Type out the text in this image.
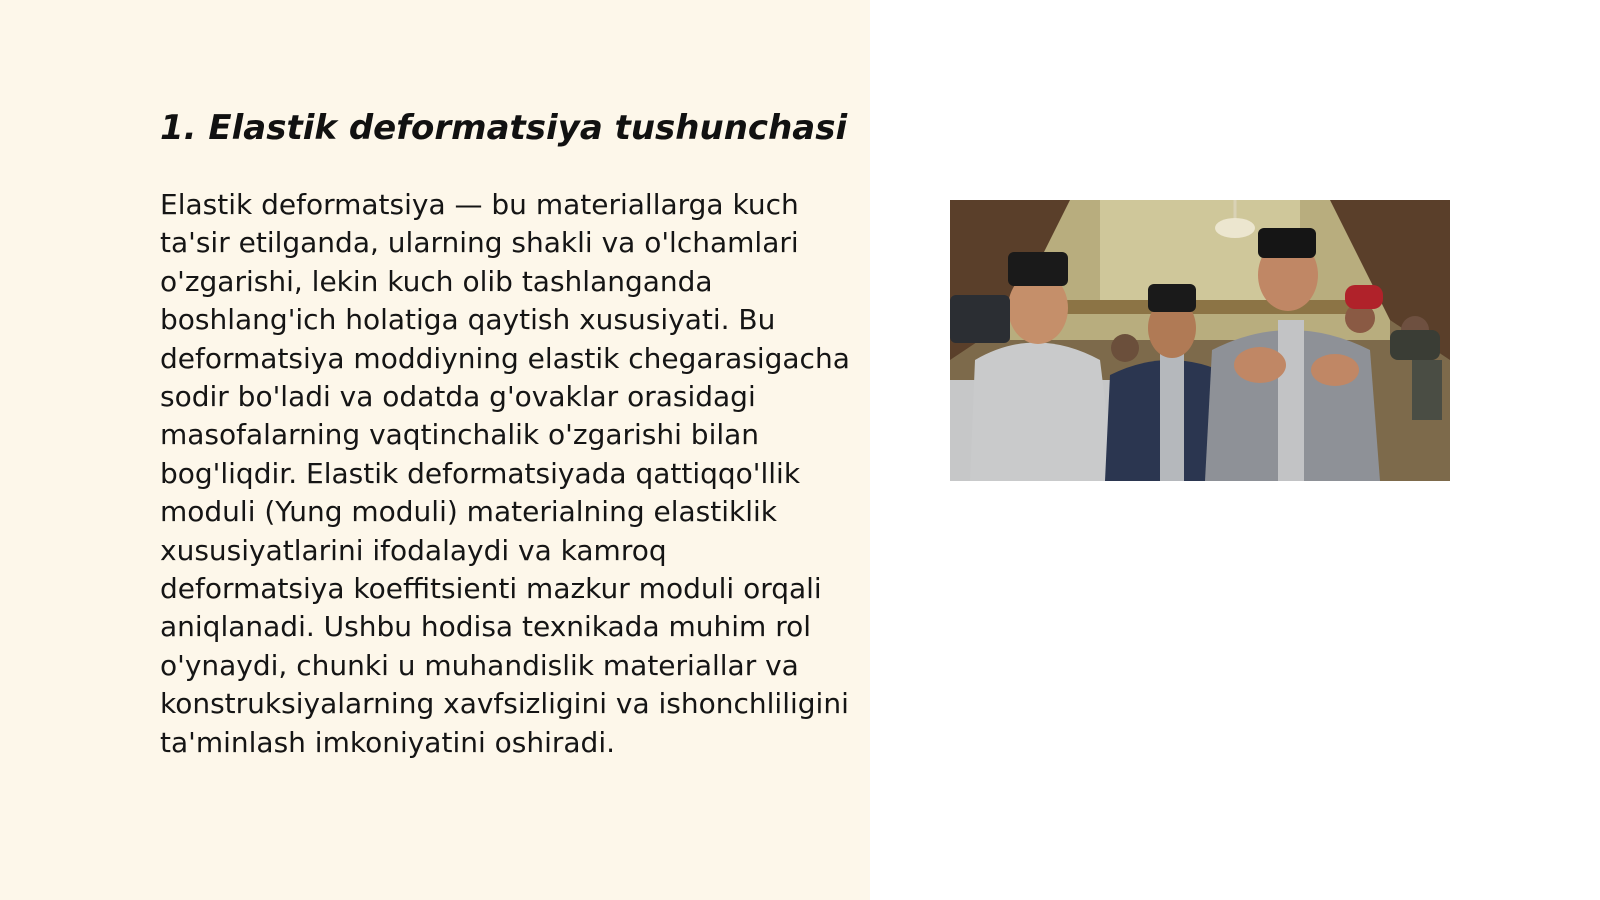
1. Elastik deformatsiya tushunchasi

Elastik deformatsiya — bu materiallarga kuch ta'sir etilganda, ularning shakli va o'lchamlari o'zgarishi, lekin kuch olib tashlanganda boshlang'ich holatiga qaytish xususiyati. Bu deformatsiya moddiyning elastik chegarasigacha sodir bo'ladi va odatda g'ovaklar orasidagi masofalarning vaqtinchalik o'zgarishi bilan bog'liqdir. Elastik deformatsiyada qattiqqo'llik moduli (Yung moduli) materialning elastiklik xususiyatlarini ifodalaydi va kamroq deformatsiya koeffitsienti mazkur moduli orqali aniqlanadi. Ushbu hodisa texnikada muhim rol o'ynaydi, chunki u muhandislik materiallar va konstruksiyalarning xavfsizligini va ishonchliligini ta'minlash imkoniyatini oshiradi.
